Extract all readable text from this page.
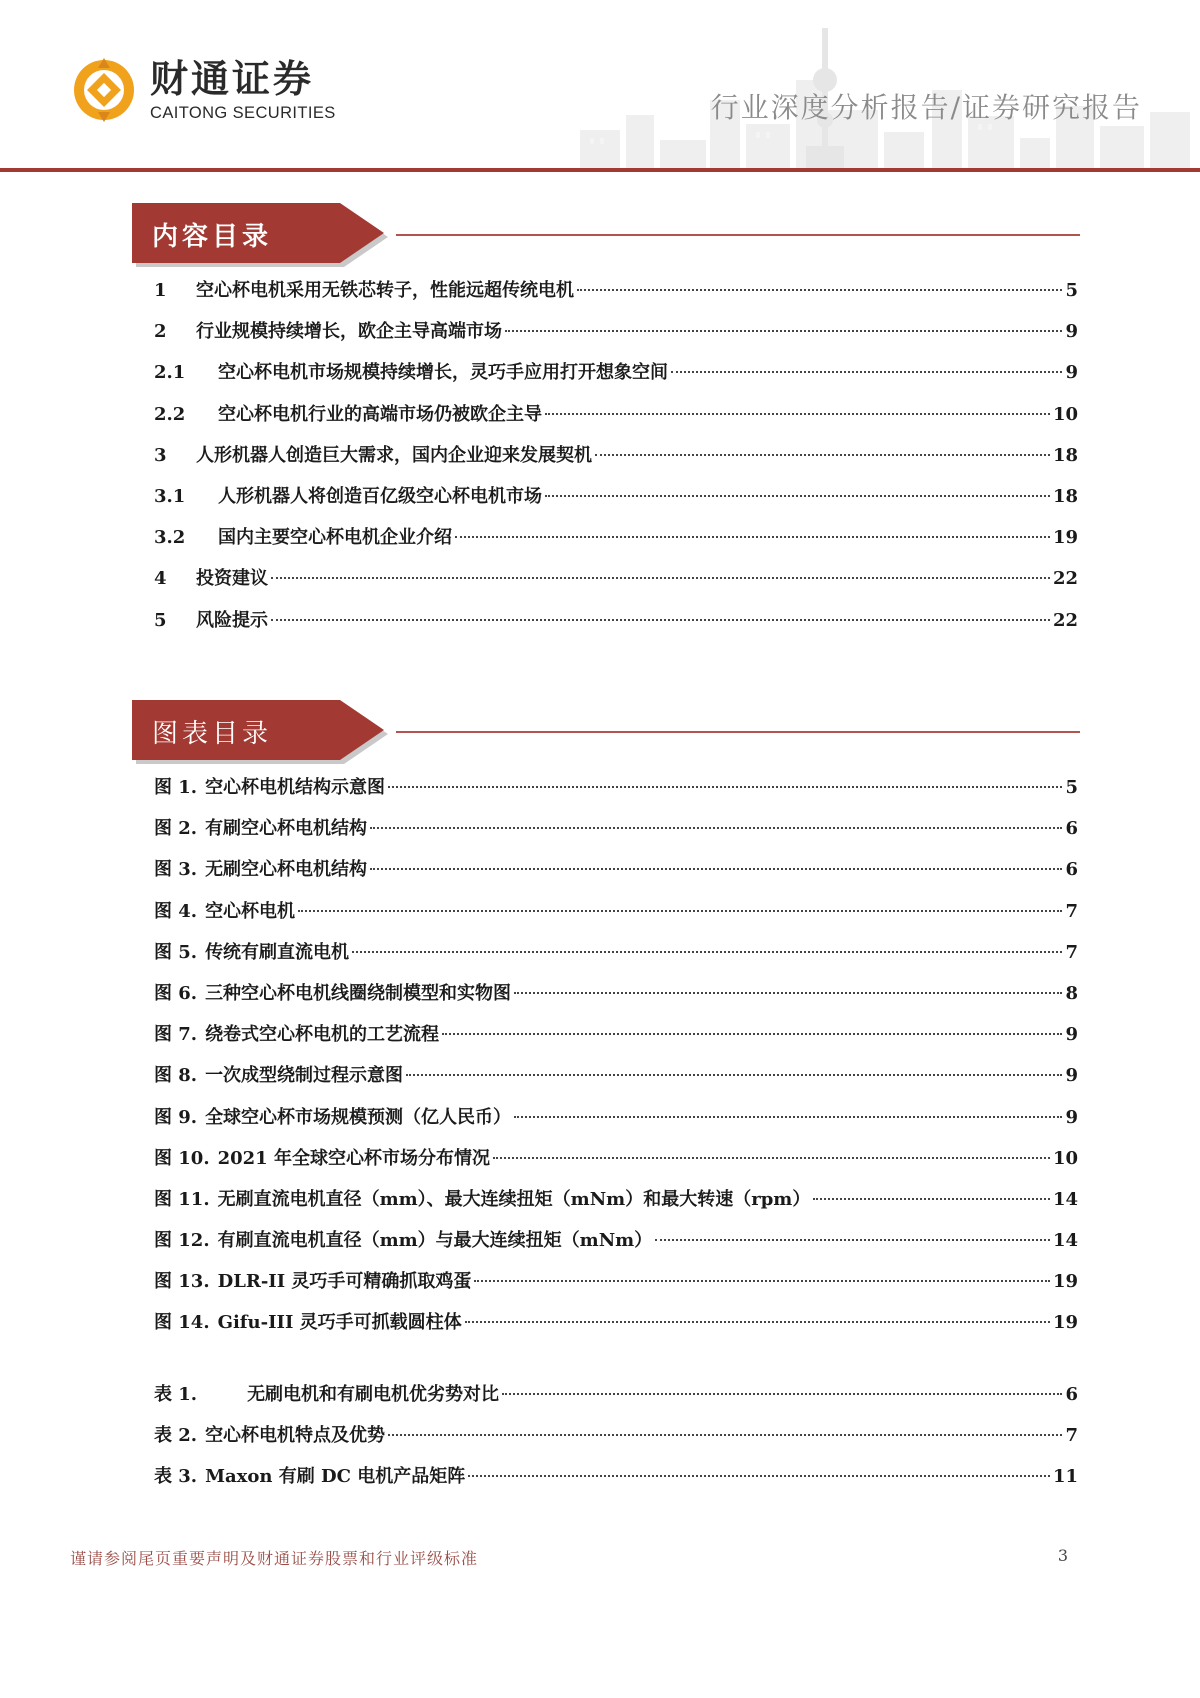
财通证券
CAITONG SECURITIES	行业深度分析报告/证券研究报告
内容目录
1	空心杯电机采用无铁芯转子，性能远超传统电机	5
2	行业规模持续增长，欧企主导高端市场	9
2.1	空心杯电机市场规模持续增长，灵巧手应用打开想象空间	9
2.2	空心杯电机行业的高端市场仍被欧企主导	10
3	人形机器人创造巨大需求，国内企业迎来发展契机	18
3.1	人形机器人将创造百亿级空心杯电机市场	18
3.2	国内主要空心杯电机企业介绍	19
4	投资建议	22
5	风险提示	22
图表目录
图 1. 空心杯电机结构示意图	5
图 2. 有刷空心杯电机结构	6
图 3. 无刷空心杯电机结构	6
图 4. 空心杯电机	7
图 5. 传统有刷直流电机	7
图 6. 三种空心杯电机线圈绕制模型和实物图	8
图 7. 绕卷式空心杯电机的工艺流程	9
图 8. 一次成型绕制过程示意图	9
图 9. 全球空心杯市场规模预测（亿人民币）	9
图 10. 2021 年全球空心杯市场分布情况	10
图 11. 无刷直流电机直径（mm）、最大连续扭矩（mNm）和最大转速（rpm）	14
图 12. 有刷直流电机直径（mm）与最大连续扭矩（mNm）	14
图 13. DLR-II 灵巧手可精确抓取鸡蛋	19
图 14. Gifu-III 灵巧手可抓载圆柱体	19
表 1.	无刷电机和有刷电机优劣势对比	6
表 2. 空心杯电机特点及优势	7
表 3. Maxon 有刷 DC 电机产品矩阵	11
谨请参阅尾页重要声明及财通证券股票和行业评级标准	3
